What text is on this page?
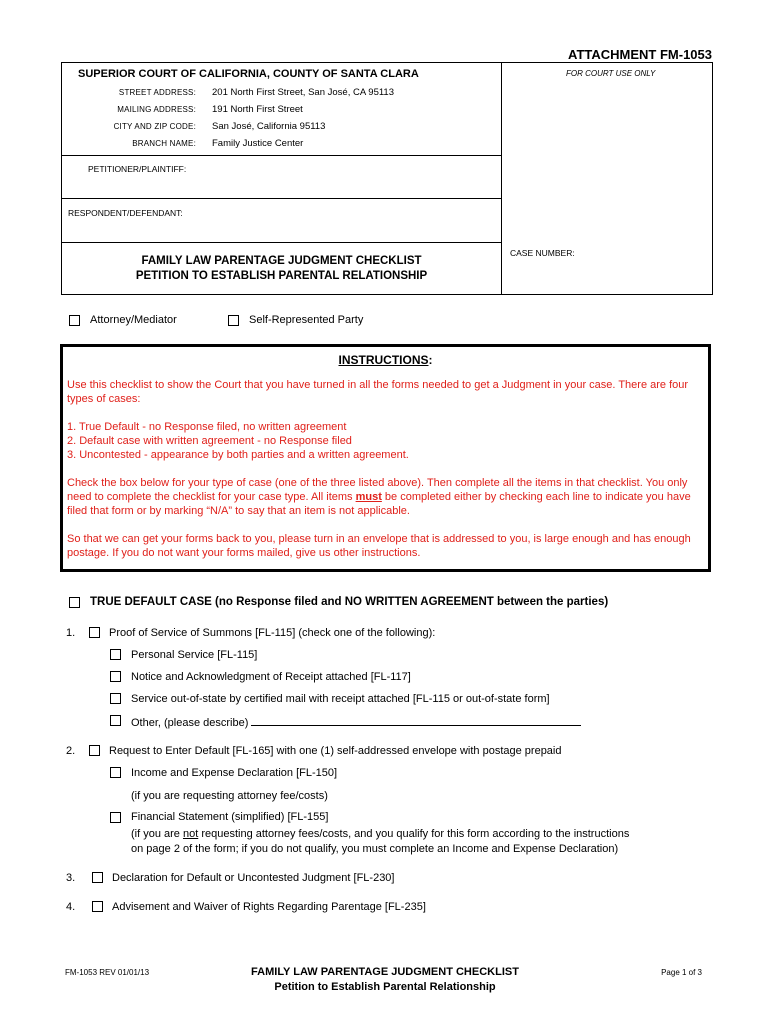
ATTACHMENT FM-1053
SUPERIOR COURT OF CALIFORNIA, COUNTY OF SANTA CLARA	FOR COURT USE ONLY
STREET ADDRESS: 201 North First Street, San José, CA 95113
MAILING ADDRESS: 191 North First Street
CITY AND ZIP CODE: San José, California 95113
BRANCH NAME: Family Justice Center
PETITIONER/PLAINTIFF:
RESPONDENT/DEFENDANT:
CASE NUMBER:
FAMILY LAW PARENTAGE JUDGMENT CHECKLIST
PETITION TO ESTABLISH PARENTAL RELATIONSHIP
Attorney/Mediator	Self-Represented Party
INSTRUCTIONS:
Use this checklist to show the Court that you have turned in all the forms needed to get a Judgment in your case. There are four types of cases:
1. True Default - no Response filed, no written agreement
2. Default case with written agreement - no Response filed
3. Uncontested - appearance by both parties and a written agreement.
Check the box below for your type of case (one of the three listed above). Then complete all the items in that checklist. You only need to complete the checklist for your case type. All items must be completed either by checking each line to indicate you have filed that form or by marking “N/A” to say that an item is not applicable.
So that we can get your forms back to you, please turn in an envelope that is addressed to you, is large enough and has enough postage. If you do not want your forms mailed, give us other instructions.
TRUE DEFAULT CASE (no Response filed and NO WRITTEN AGREEMENT between the parties)
1.	Proof of Service of Summons [FL-115] (check one of the following):
Personal Service [FL-115]
Notice and Acknowledgment of Receipt attached [FL-117]
Service out-of-state by certified mail with receipt attached [FL-115 or out-of-state form]
Other, (please describe)
2.	Request to Enter Default [FL-165] with one (1) self-addressed envelope with postage prepaid
Income and Expense Declaration [FL-150]
(if you are requesting attorney fee/costs)
Financial Statement (simplified) [FL-155]
(if you are not requesting attorney fees/costs, and you qualify for this form according to the instructions
on page 2 of the form; if you do not qualify, you must complete an Income and Expense Declaration)
3.	Declaration for Default or Uncontested Judgment [FL-230]
4.	Advisement and Waiver of Rights Regarding Parentage [FL-235]
FM-1053 REV 01/01/13	FAMILY LAW PARENTAGE JUDGMENT CHECKLIST
Petition to Establish Parental Relationship
Page 1 of 3
